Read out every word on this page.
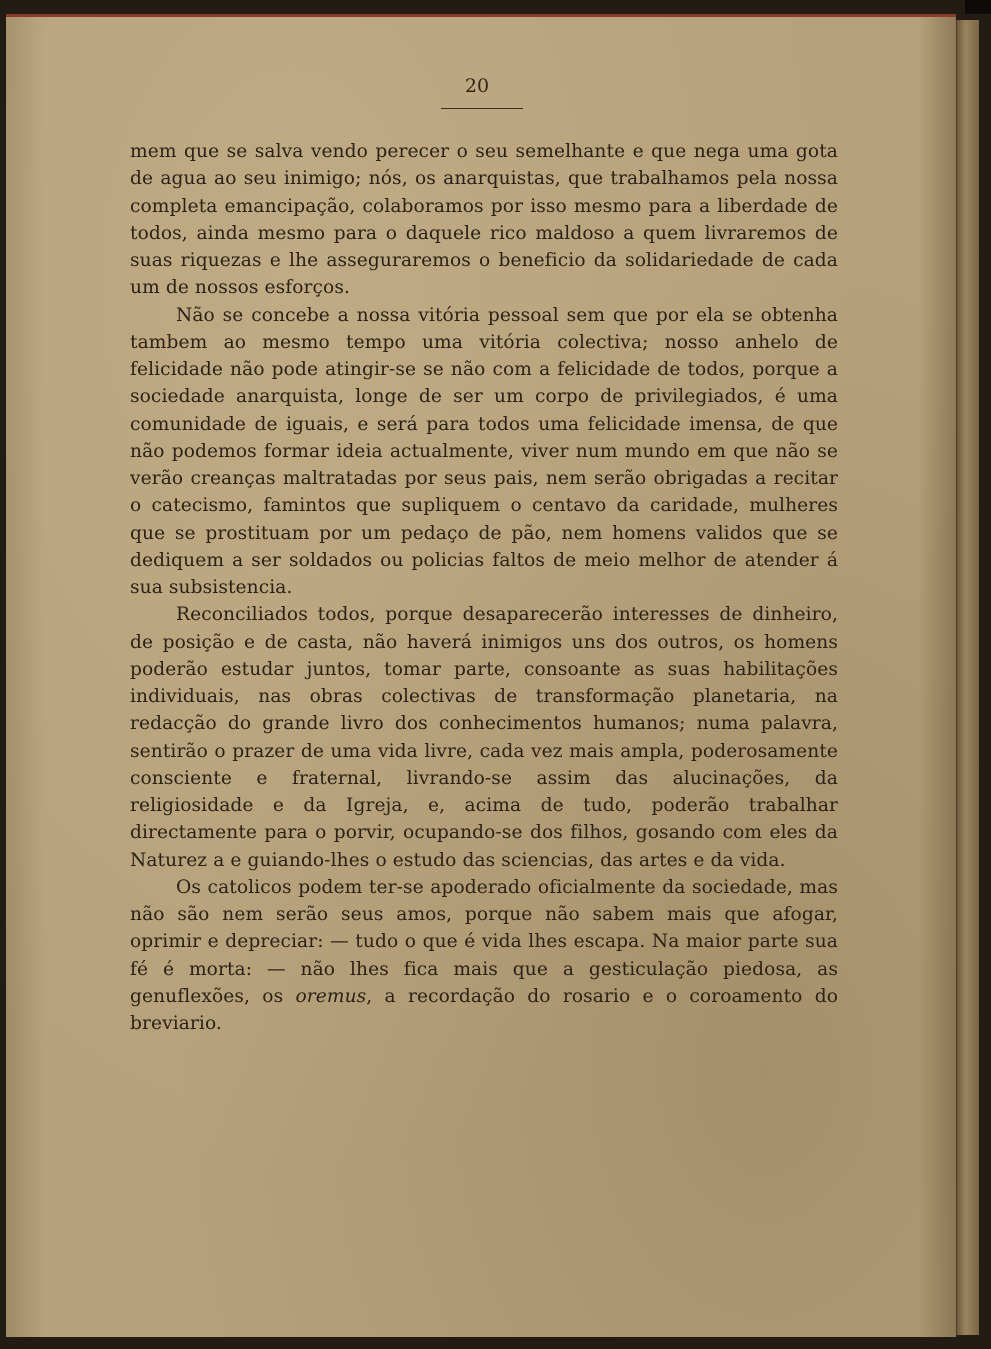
20

mem que se salva vendo perecer o seu semelhante e que nega uma gota de agua ao seu inimigo; nós, os anarquistas, que trabalhamos pela nossa completa emancipação, colaboramos por isso mesmo para a liberdade de todos, ainda mesmo para o daquele rico maldoso a quem livraremos de suas riquezas e lhe asseguraremos o beneficio da solidariedade de cada um de nossos esforços.

Não se concebe a nossa vitória pessoal sem que por ela se obtenha tambem ao mesmo tempo uma vitória colectiva; nosso anhelo de felicidade não pode atingir-se se não com a felicidade de todos, porque a sociedade anarquista, longe de ser um corpo de privilegiados, é uma comunidade de iguais, e será para todos uma felicidade imensa, de que não podemos formar ideia actualmente, viver num mundo em que não se verão creanças maltratadas por seus pais, nem serão obrigadas a recitar o catecismo, famintos que supliquem o centavo da caridade, mulheres que se prostituam por um pedaço de pão, nem homens validos que se dediquem a ser soldados ou policias faltos de meio melhor de atender á sua subsistencia.

Reconciliados todos, porque desaparecerão interesses de dinheiro, de posição e de casta, não haverá inimigos uns dos outros, os homens poderão estudar juntos, tomar parte, consoante as suas habilitações individuais, nas obras colectivas de transformação planetaria, na redacção do grande livro dos conhecimentos humanos; numa palavra, sentirão o prazer de uma vida livre, cada vez mais ampla, poderosamente consciente e fraternal, livrando-se assim das alucinações, da religiosidade e da Igreja, e, acima de tudo, poderão trabalhar directamente para o porvir, ocupando-se dos filhos, gosando com eles da Naturez a e guiando-lhes o estudo das sciencias, das artes e da vida.

Os catolicos podem ter-se apoderado oficialmente da sociedade, mas não são nem serão seus amos, porque não sabem mais que afogar, oprimir e depreciar: — tudo o que é vida lhes escapa. Na maior parte sua fé é morta: — não lhes fica mais que a gesticulação piedosa, as genuflexões, os oremus, a recordação do rosario e o coroamento do breviario.
